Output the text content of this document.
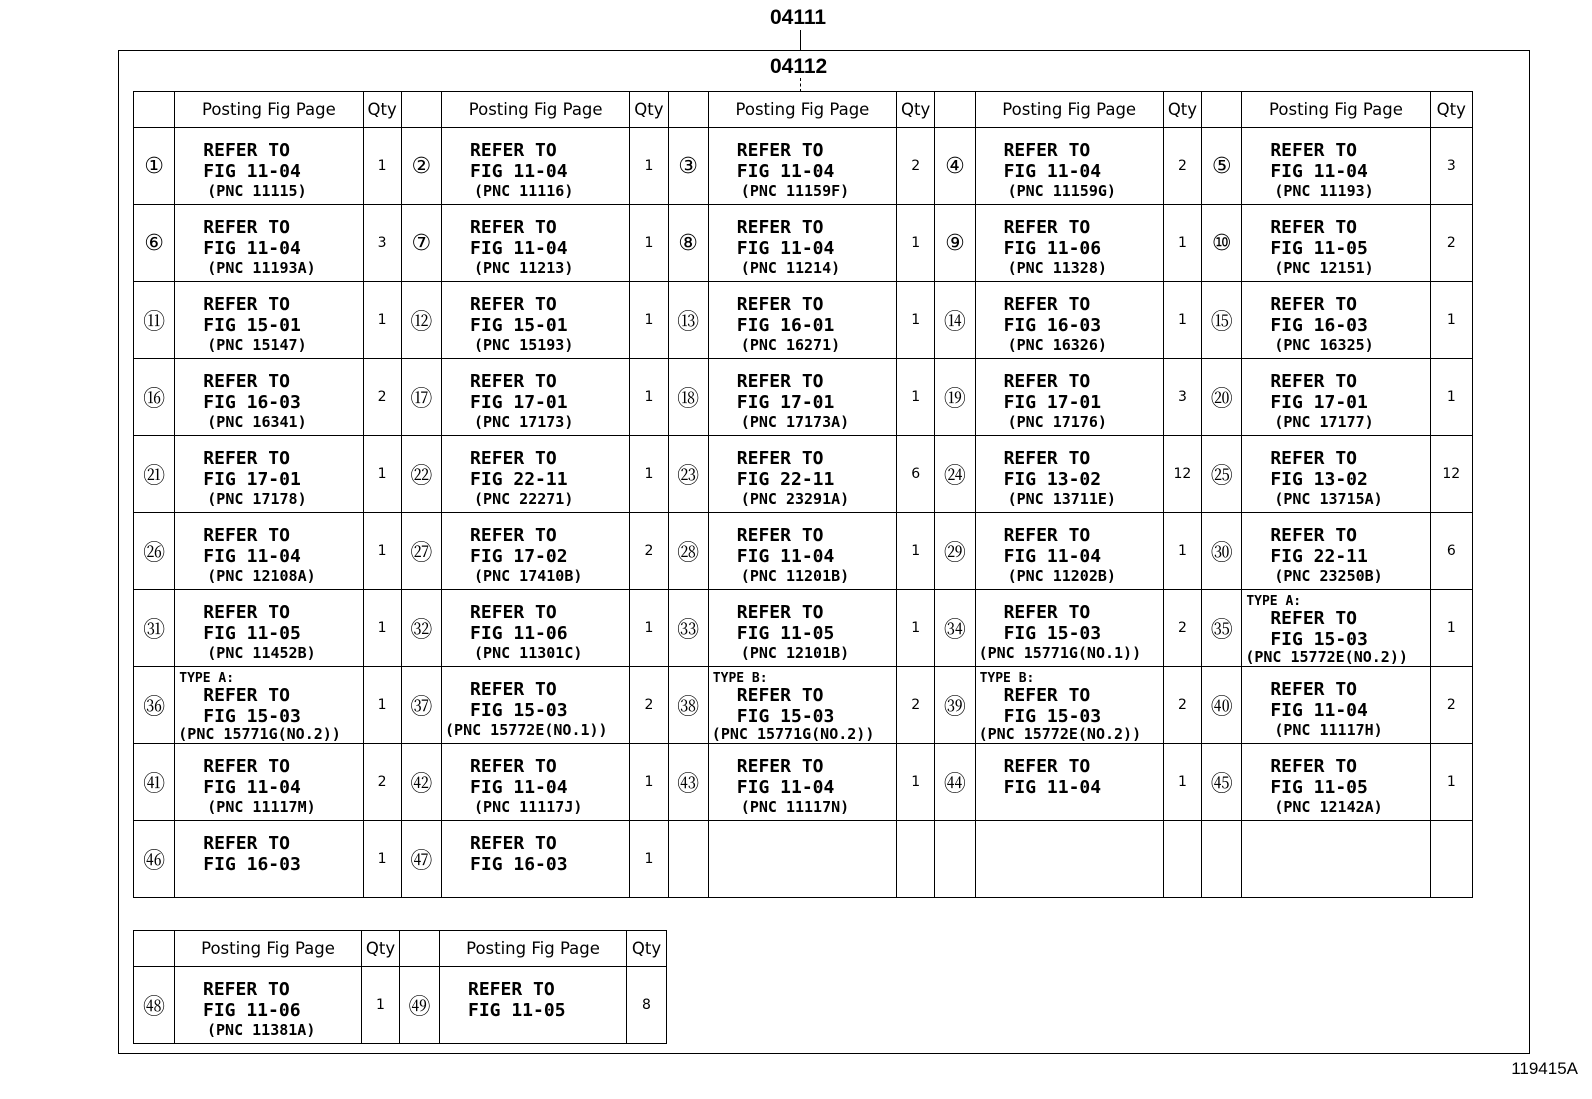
04111
04112
	Posting Fig Page	Qty		Posting Fig Page	Qty		Posting Fig Page	Qty		Posting Fig Page	Qty		Posting Fig Page	Qty
①	REFER TO
FIG 11-04
(PNC 11115)	1	②	REFER TO
FIG 11-04
(PNC 11116)	1	③	REFER TO
FIG 11-04
(PNC 11159F)	2	④	REFER TO
FIG 11-04
(PNC 11159G)	2	⑤	REFER TO
FIG 11-04
(PNC 11193)	3
⑥	REFER TO
FIG 11-04
(PNC 11193A)	3	⑦	REFER TO
FIG 11-04
(PNC 11213)	1	⑧	REFER TO
FIG 11-04
(PNC 11214)	1	⑨	REFER TO
FIG 11-06
(PNC 11328)	1	⑩	REFER TO
FIG 11-05
(PNC 12151)	2
⑪	REFER TO
FIG 15-01
(PNC 15147)	1	⑫	REFER TO
FIG 15-01
(PNC 15193)	1	⑬	REFER TO
FIG 16-01
(PNC 16271)	1	⑭	REFER TO
FIG 16-03
(PNC 16326)	1	⑮	REFER TO
FIG 16-03
(PNC 16325)	1
⑯	REFER TO
FIG 16-03
(PNC 16341)	2	⑰	REFER TO
FIG 17-01
(PNC 17173)	1	⑱	REFER TO
FIG 17-01
(PNC 17173A)	1	⑲	REFER TO
FIG 17-01
(PNC 17176)	3	⑳	REFER TO
FIG 17-01
(PNC 17177)	1
㉑	REFER TO
FIG 17-01
(PNC 17178)	1	㉒	REFER TO
FIG 22-11
(PNC 22271)	1	㉓	REFER TO
FIG 22-11
(PNC 23291A)	6	㉔	REFER TO
FIG 13-02
(PNC 13711E)	12	㉕	REFER TO
FIG 13-02
(PNC 13715A)	12
㉖	REFER TO
FIG 11-04
(PNC 12108A)	1	㉗	REFER TO
FIG 17-02
(PNC 17410B)	2	㉘	REFER TO
FIG 11-04
(PNC 11201B)	1	㉙	REFER TO
FIG 11-04
(PNC 11202B)	1	㉚	REFER TO
FIG 22-11
(PNC 23250B)	6
㉛	REFER TO
FIG 11-05
(PNC 11452B)	1	㉜	REFER TO
FIG 11-06
(PNC 11301C)	1	㉝	REFER TO
FIG 11-05
(PNC 12101B)	1	㉞	REFER TO
FIG 15-03
(PNC 15771G(NO.1))	2	㉟	TYPE A:
REFER TO
FIG 15-03
(PNC 15772E(NO.2))	1
㊱	TYPE A:
REFER TO
FIG 15-03
(PNC 15771G(NO.2))	1	㊲	REFER TO
FIG 15-03
(PNC 15772E(NO.1))	2	㊳	TYPE B:
REFER TO
FIG 15-03
(PNC 15771G(NO.2))	2	㊴	TYPE B:
REFER TO
FIG 15-03
(PNC 15772E(NO.2))	2	㊵	REFER TO
FIG 11-04
(PNC 11117H)	2
㊶	REFER TO
FIG 11-04
(PNC 11117M)	2	㊷	REFER TO
FIG 11-04
(PNC 11117J)	1	㊸	REFER TO
FIG 11-04
(PNC 11117N)	1	㊹	REFER TO
FIG 11-04	1	㊺	REFER TO
FIG 11-05
(PNC 12142A)	1
㊻	REFER TO
FIG 16-03	1	㊼	REFER TO
FIG 16-03	1		

	Posting Fig Page	Qty		Posting Fig Page	Qty
㊽	REFER TO
FIG 11-06
(PNC 11381A)	1	㊾	REFER TO
FIG 11-05	8
119415A
